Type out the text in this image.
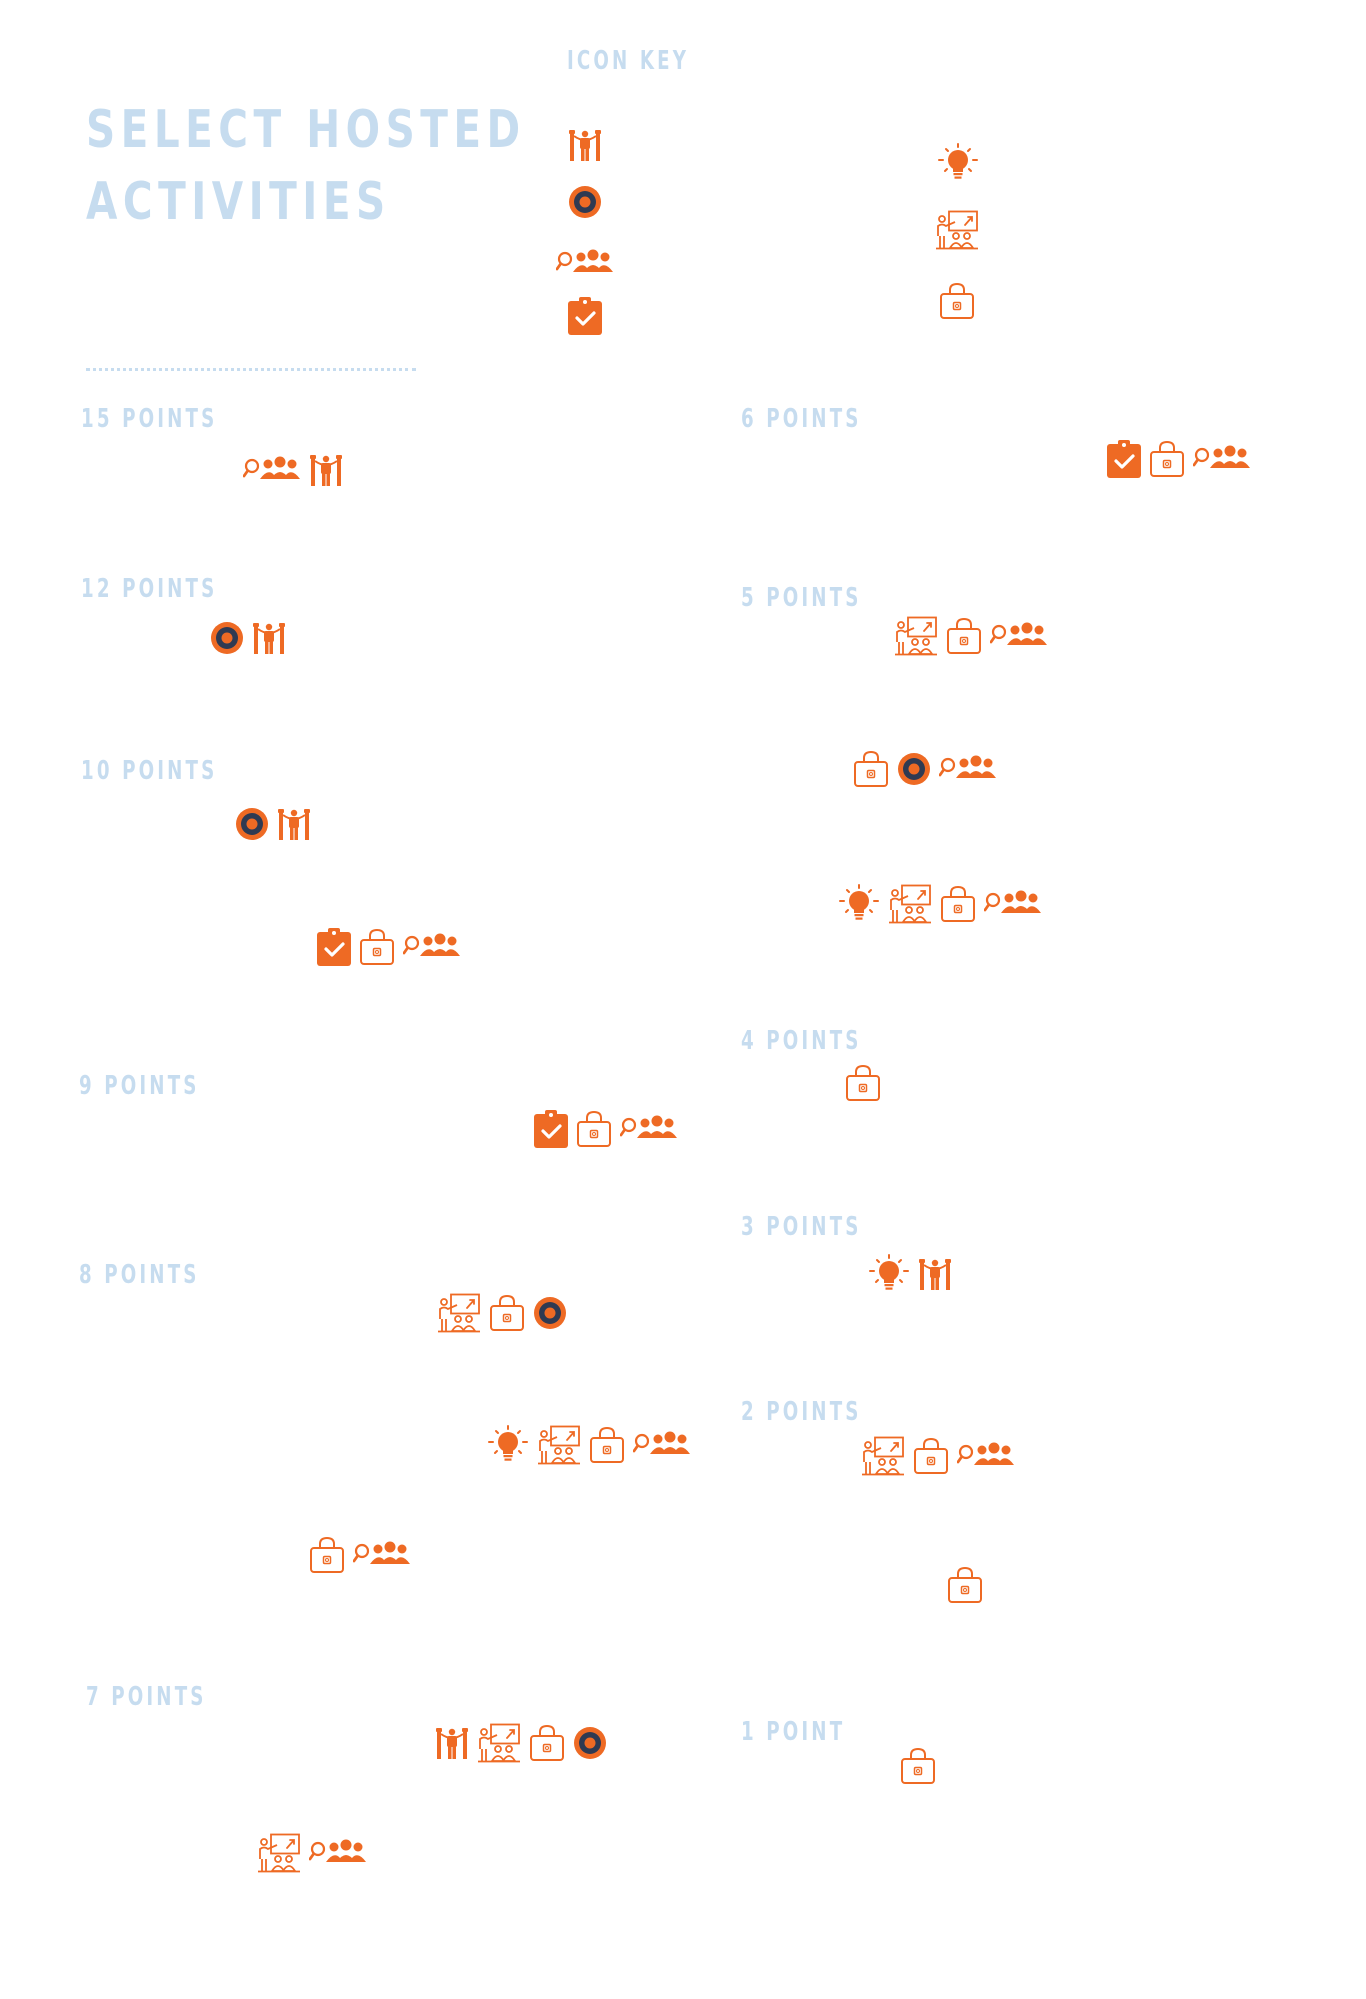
SELECT HOSTED
ACTIVITIES
ICON KEY
15 POINTS
12 POINTS
10 POINTS
9 POINTS
8 POINTS
7 POINTS
6 POINTS
5 POINTS
4 POINTS
3 POINTS
2 POINTS
1 POINT
